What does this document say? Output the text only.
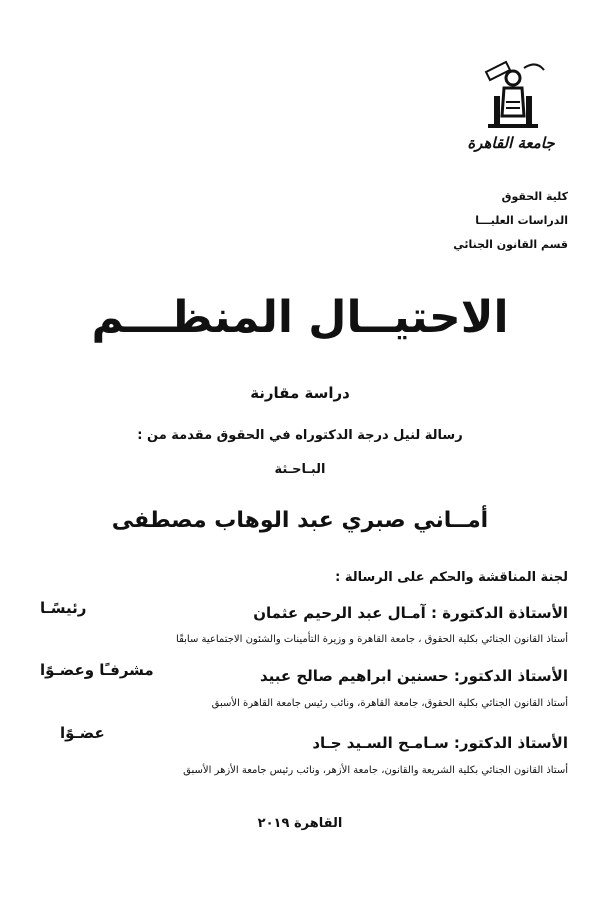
جامعة القاهرة
كلية الحقوق
الدراسات العليـــا
قسم القانون الجنائي
الاحتيــال المنظـــم
دراسة مقارنة
رسالة لنيل درجة الدكتوراه في الحقوق مقدمة من :
البـاحـثة
أمــاني صبري عبد الوهاب مصطفى
لجنة المناقشة والحكم على الرسالة :
الأستاذة الدكتورة : آمـال عبد الرحيم عثمان
رئيسًـا
أستاذ القانون الجنائي بكلية الحقوق ، جامعة القاهرة و وزيرة التأمينات والشئون الاجتماعية سابقًا
الأستاذ الدكتور: حسنين ابراهيم صالح عبيد
مشرفـًا وعضـوًا
أستاذ القانون الجنائي بكلية الحقوق، جامعة القاهرة، ونائب رئيس جامعة القاهرة الأسبق
الأستاذ الدكتور: سـامـح السـيد جـاد
عضـوًا
أستاذ القانون الجنائي بكلية الشريعة والقانون، جامعة الأزهر، ونائب رئيس جامعة الأزهر الأسبق
القاهرة ٢٠١٩
